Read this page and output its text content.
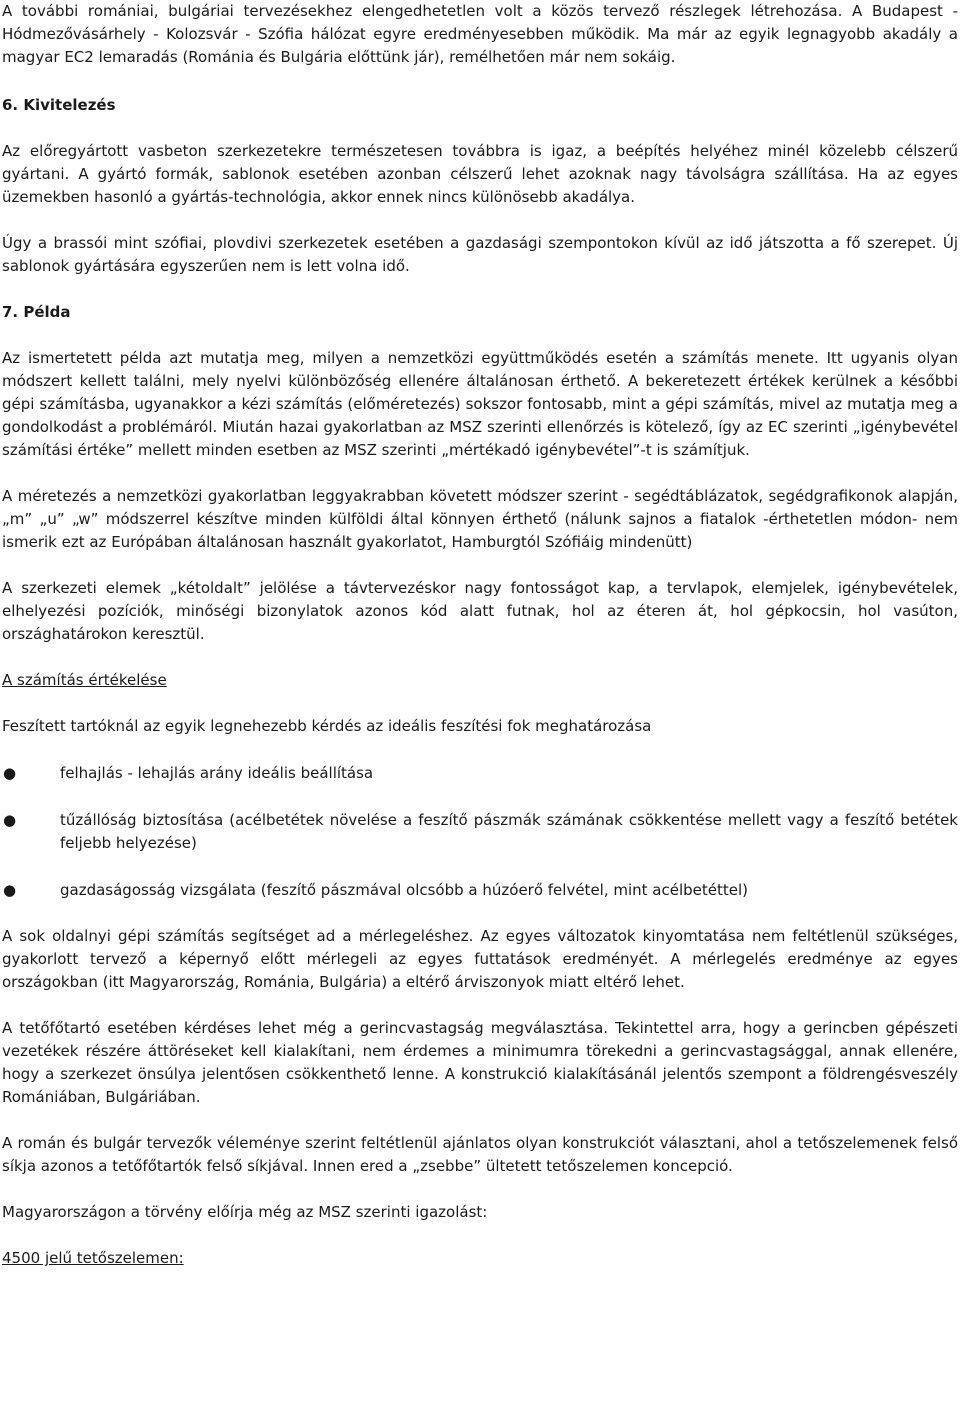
A további romániai, bulgáriai tervezésekhez elengedhetetlen volt a közös tervező részlegek létrehozása. A Budapest - Hódmezővásárhely - Kolozsvár - Szófia hálózat egyre eredményesebben működik. Ma már az egyik legnagyobb akadály a magyar EC2 lemaradás (Románia és Bulgária előttünk jár), remélhetően már nem sokáig.

6. Kivitelezés

Az előregyártott vasbeton szerkezetekre természetesen továbbra is igaz, a beépítés helyéhez minél közelebb célszerű gyártani. A gyártó formák, sablonok esetében azonban célszerű lehet azoknak nagy távolságra szállítása. Ha az egyes üzemekben hasonló a gyártás-technológia, akkor ennek nincs különösebb akadálya.

Úgy a brassói mint szófiai, plovdivi szerkezetek esetében a gazdasági szempontokon kívül az idő játszotta a fő szerepet. Új sablonok gyártására egyszerűen nem is lett volna idő.

7. Példa

Az ismertetett példa azt mutatja meg, milyen a nemzetközi együttműködés esetén a számítás menete. Itt ugyanis olyan módszert kellett találni, mely nyelvi különbözőség ellenére általánosan érthető. A bekeretezett értékek kerülnek a későbbi gépi számításba, ugyanakkor a kézi számítás (előméretezés) sokszor fontosabb, mint a gépi számítás, mivel az mutatja meg a gondolkodást a problémáról. Miután hazai gyakorlatban az MSZ szerinti ellenőrzés is kötelező, így az EC szerinti „igénybevétel számítási értéke” mellett minden esetben az MSZ szerinti „mértékadó igénybevétel”-t is számítjuk.

A méretezés a nemzetközi gyakorlatban leggyakrabban követett módszer szerint - segédtáblázatok, segédgrafikonok alapján, „m” „u” „w” módszerrel készítve minden külföldi által könnyen érthető (nálunk sajnos a fiatalok -érthetetlen módon- nem ismerik ezt az Európában általánosan használt gyakorlatot, Hamburgtól Szófiáig mindenütt)

A szerkezeti elemek „kétoldalt” jelölése a távtervezéskor nagy fontosságot kap, a tervlapok, elemjelek, igénybevételek, elhelyezési pozíciók, minőségi bizonylatok azonos kód alatt futnak, hol az éteren át, hol gépkocsin, hol vasúton, országhatárokon keresztül.

A számítás értékelése

Feszített tartóknál az egyik legnehezebb kérdés az ideális feszítési fok meghatározása

●	felhajlás - lehajlás arány ideális beállítása
●	tűzállóság biztosítása (acélbetétek növelése a feszítő pászmák számának csökkentése mellett vagy a feszítő betétek feljebb helyezése)
●	gazdaságosság vizsgálata (feszítő pászmával olcsóbb a húzóerő felvétel, mint acélbetéttel)

A sok oldalnyi gépi számítás segítséget ad a mérlegeléshez. Az egyes változatok kinyomtatása nem feltétlenül szükséges, gyakorlott tervező a képernyő előtt mérlegeli az egyes futtatások eredményét. A mérlegelés eredménye az egyes országokban (itt Magyarország, Románia, Bulgária) a eltérő árviszonyok miatt eltérő lehet.

A tetőfőtartó esetében kérdéses lehet még a gerincvastagság megválasztása. Tekintettel arra, hogy a gerincben gépészeti vezetékek részére áttöréseket kell kialakítani, nem érdemes a minimumra törekedni a gerincvastagsággal, annak ellenére, hogy a szerkezet önsúlya jelentősen csökkenthető lenne. A konstrukció kialakításánál jelentős szempont a földrengésveszély Romániában, Bulgáriában.

A román és bulgár tervezők véleménye szerint feltétlenül ajánlatos olyan konstrukciót választani, ahol a tetőszelemenek felső síkja azonos a tetőfőtartók felső síkjával. Innen ered a „zsebbe” ültetett tetőszelemen koncepció.

Magyarországon a törvény előírja még az MSZ szerinti igazolást:

4500 jelű tetőszelemen:
